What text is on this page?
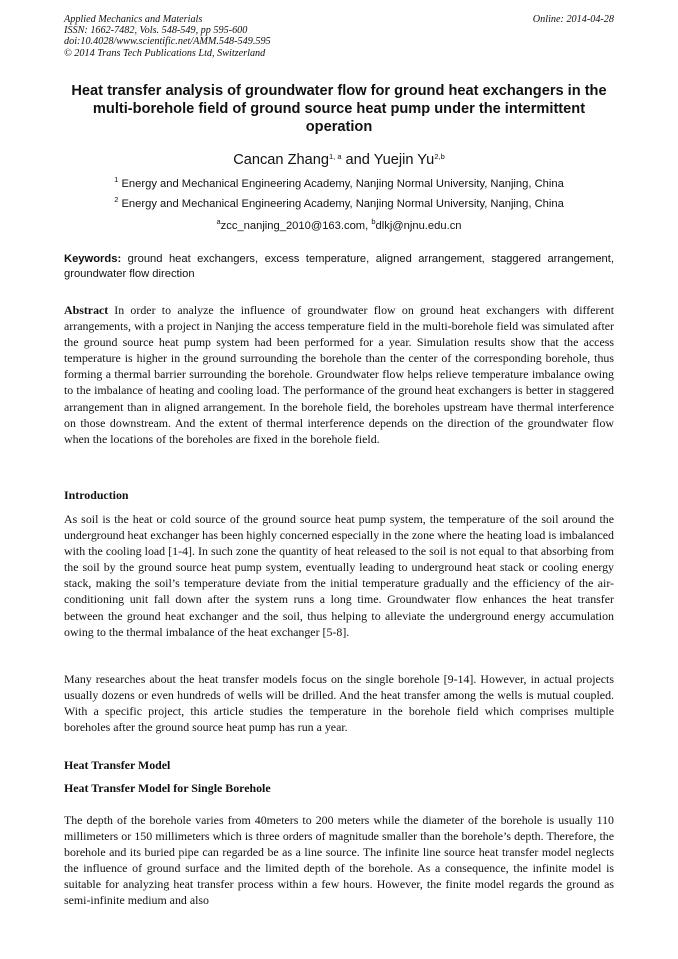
Applied Mechanics and Materials
ISSN: 1662-7482, Vols. 548-549, pp 595-600
doi:10.4028/www.scientific.net/AMM.548-549.595
© 2014 Trans Tech Publications Ltd, Switzerland
Online: 2014-04-28
Heat transfer analysis of groundwater flow for ground heat exchangers in the multi-borehole field of ground source heat pump under the intermittent operation
Cancan Zhang$^{1, a}$ and Yuejin Yu$^{2,b}$
$^1$ Energy and Mechanical Engineering Academy, Nanjing Normal University, Nanjing, China
$^2$ Energy and Mechanical Engineering Academy, Nanjing Normal University, Nanjing, China
$^a$zcc_nanjing_2010@163.com, $^b$dlkj@njnu.edu.cn
Keywords: ground heat exchangers, excess temperature, aligned arrangement, staggered arrangement, groundwater flow direction
Abstract In order to analyze the influence of groundwater flow on ground heat exchangers with different arrangements, with a project in Nanjing the access temperature field in the multi-borehole field was simulated after the ground source heat pump system had been performed for a year. Simulation results show that the access temperature is higher in the ground surrounding the borehole than the center of the corresponding borehole, thus forming a thermal barrier surrounding the borehole. Groundwater flow helps relieve temperature imbalance owing to the imbalance of heating and cooling load. The performance of the ground heat exchangers is better in staggered arrangement than in aligned arrangement. In the borehole field, the boreholes upstream have thermal interference on those downstream. And the extent of thermal interference depends on the direction of the groundwater flow when the locations of the boreholes are fixed in the borehole field.
Introduction
As soil is the heat or cold source of the ground source heat pump system, the temperature of the soil around the underground heat exchanger has been highly concerned especially in the zone where the heating load is imbalanced with the cooling load [1-4]. In such zone the quantity of heat released to the soil is not equal to that absorbing from the soil by the ground source heat pump system, eventually leading to underground heat stack or cooling energy stack, making the soil’s temperature deviate from the initial temperature gradually and the efficiency of the air-conditioning unit fall down after the system runs a long time. Groundwater flow enhances the heat transfer between the ground heat exchanger and the soil, thus helping to alleviate the underground energy accumulation owing to the thermal imbalance of the heat exchanger [5-8].
Many researches about the heat transfer models focus on the single borehole [9-14]. However, in actual projects usually dozens or even hundreds of wells will be drilled. And the heat transfer among the wells is mutual coupled. With a specific project, this article studies the temperature in the borehole field which comprises multiple boreholes after the ground source heat pump has run a year.
Heat Transfer Model
Heat Transfer Model for Single Borehole
The depth of the borehole varies from 40meters to 200 meters while the diameter of the borehole is usually 110 millimeters or 150 millimeters which is three orders of magnitude smaller than the borehole’s depth. Therefore, the borehole and its buried pipe can regarded be as a line source. The infinite line source heat transfer model neglects the influence of ground surface and the limited depth of the borehole. As a consequence, the infinite model is suitable for analyzing heat transfer process within a few hours. However, the finite model regards the ground as semi-infinite medium and also
